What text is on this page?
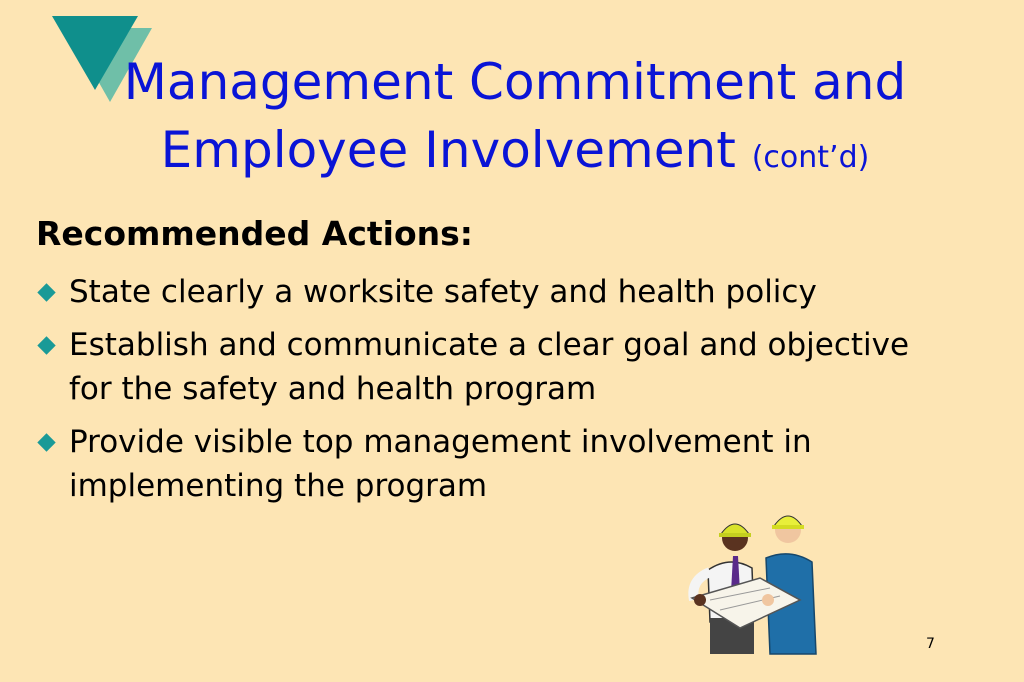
Management Commitment and Employee Involvement (cont’d)
Recommended Actions:
State clearly a worksite safety and health policy
Establish and communicate a clear goal and objective for the safety and health program
Provide visible top management involvement in implementing the program
7
